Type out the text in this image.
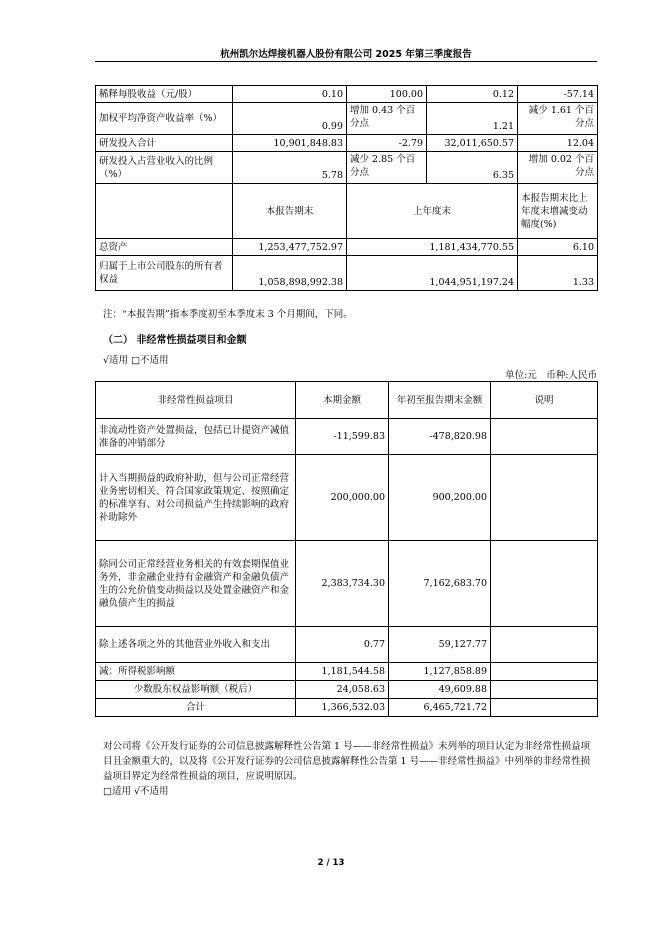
杭州凯尔达焊接机器人股份有限公司 2025 年第三季度报告
稀释每股收益（元/股）	0.10	100.00	0.12	-57.14
加权平均净资产收益率（%）	0.99	增加 0.43 个百分点	1.21	减少 1.61 个百分点
研发投入合计	10,901,848.83	-2.79	32,011,650.57	12.04
研发投入占营业收入的比例（%）	5.78	减少 2.85 个百分点	6.35	增加 0.02 个百分点
	本报告期末	上年度末		本报告期末比上年度末增减变动幅度(%)
总资产	1,253,477,752.97	1,181,434,770.55		6.10
归属于上市公司股东的所有者权益	1,058,898,992.38	1,044,951,197.24		1.33
注：“本报告期”指本季度初至本季度末 3 个月期间，下同。
（二） 非经常性损益项目和金额
√适用 □不适用
单位:元　币种:人民币
非经常性损益项目	本期金额	年初至报告期末金额	说明
非流动性资产处置损益，包括已计提资产减值准备的冲销部分	-11,599.83	-478,820.98	
计入当期损益的政府补助，但与公司正常经营业务密切相关、符合国家政策规定、按照确定的标准享有、对公司损益产生持续影响的政府补助除外	200,000.00	900,200.00	
除同公司正常经营业务相关的有效套期保值业务外，非金融企业持有金融资产和金融负债产生的公允价值变动损益以及处置金融资产和金融负债产生的损益	2,383,734.30	7,162,683.70	
除上述各项之外的其他营业外收入和支出	0.77	59,127.77	
减：所得税影响额	1,181,544.58	1,127,858.89	
少数股东权益影响额（税后）	24,058.63	49,609.88	
合计	1,366,532.03	6,465,721.72	
对公司将《公开发行证券的公司信息披露解释性公告第 1 号——非经常性损益》未列举的项目认定为非经常性损益项目且金额重大的，以及将《公开发行证券的公司信息披露解释性公告第 1 号——非经常性损益》中列举的非经常性损益项目界定为经常性损益的项目，应说明原因。
□适用 √不适用
2 / 13
